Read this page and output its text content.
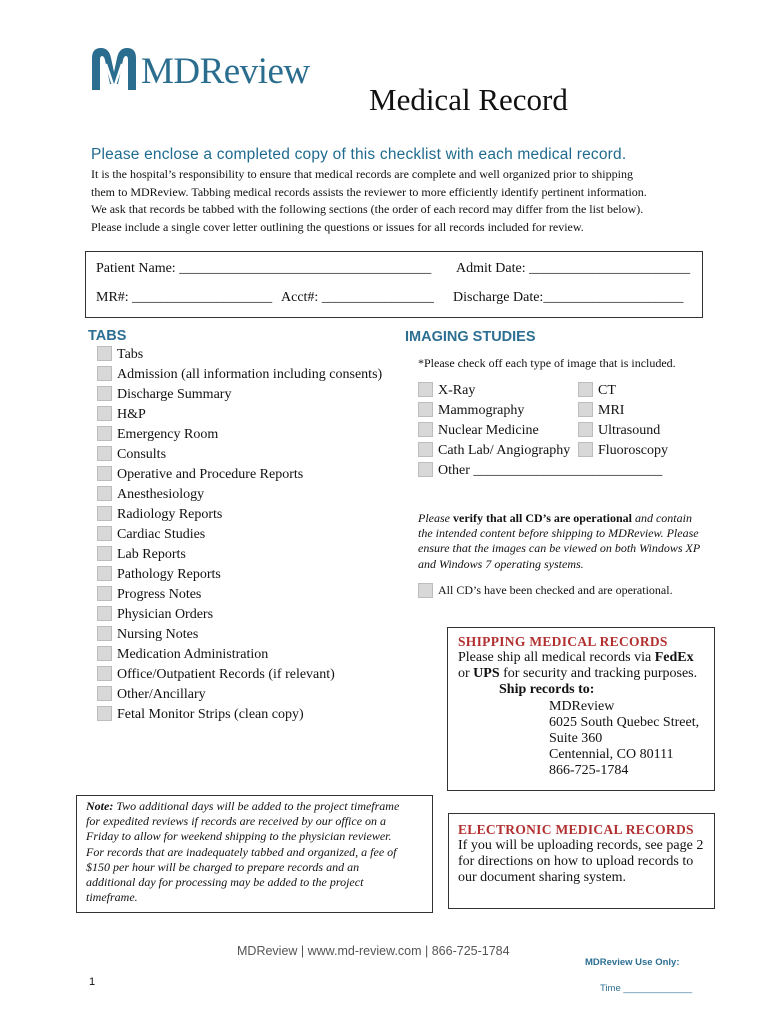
MDReview
Medical Record
Please enclose a completed copy of this checklist with each medical record.
It is the hospital’s responsibility to ensure that medical records are complete and well organized prior to shipping
them to MDReview. Tabbing medical records assists the reviewer to more efficiently identify pertinent information.
We ask that records be tabbed with the following sections (the order of each record may differ from the list below).
Please include a single cover letter outlining the questions or issues for all records included for review.
Patient Name: ____________________________________ Admit Date: _______________________
MR#: ____________________ Acct#: ________________ Discharge Date:____________________
TABS
Tabs
Admission (all information including consents)
Discharge Summary
H&P
Emergency Room
Consults
Operative and Procedure Reports
Anesthesiology
Radiology Reports
Cardiac Studies
Lab Reports
Pathology Reports
Progress Notes
Physician Orders
Nursing Notes
Medication Administration
Office/Outpatient Records (if relevant)
Other/Ancillary
Fetal Monitor Strips (clean copy)
IMAGING STUDIES
*Please check off each type of image that is included.
X-Ray
Mammography
Nuclear Medicine
Cath Lab/ Angiography
Other ___________________________
CT
MRI
Ultrasound
Fluoroscopy
Please verify that all CD’s are operational and contain
the intended content before shipping to MDReview. Please
ensure that the images can be viewed on both Windows XP
and Windows 7 operating systems.
All CD’s have been checked and are operational.
SHIPPING MEDICAL RECORDS
Please ship all medical records via FedEx
or UPS for security and tracking purposes.
Ship records to:
MDReview
6025 South Quebec Street,
Suite 360
Centennial, CO 80111
866-725-1784
Note: Two additional days will be added to the project timeframe
for expedited reviews if records are received by our office on a
Friday to allow for weekend shipping to the physician reviewer.
For records that are inadequately tabbed and organized, a fee of
$150 per hour will be charged to prepare records and an
additional day for processing may be added to the project
timeframe.
ELECTRONIC MEDICAL RECORDS
If you will be uploading records, see page 2
for directions on how to upload records to
our document sharing system.
MDReview | www.md-review.com | 866-725-1784
1
MDReview Use Only:
Time _____________
